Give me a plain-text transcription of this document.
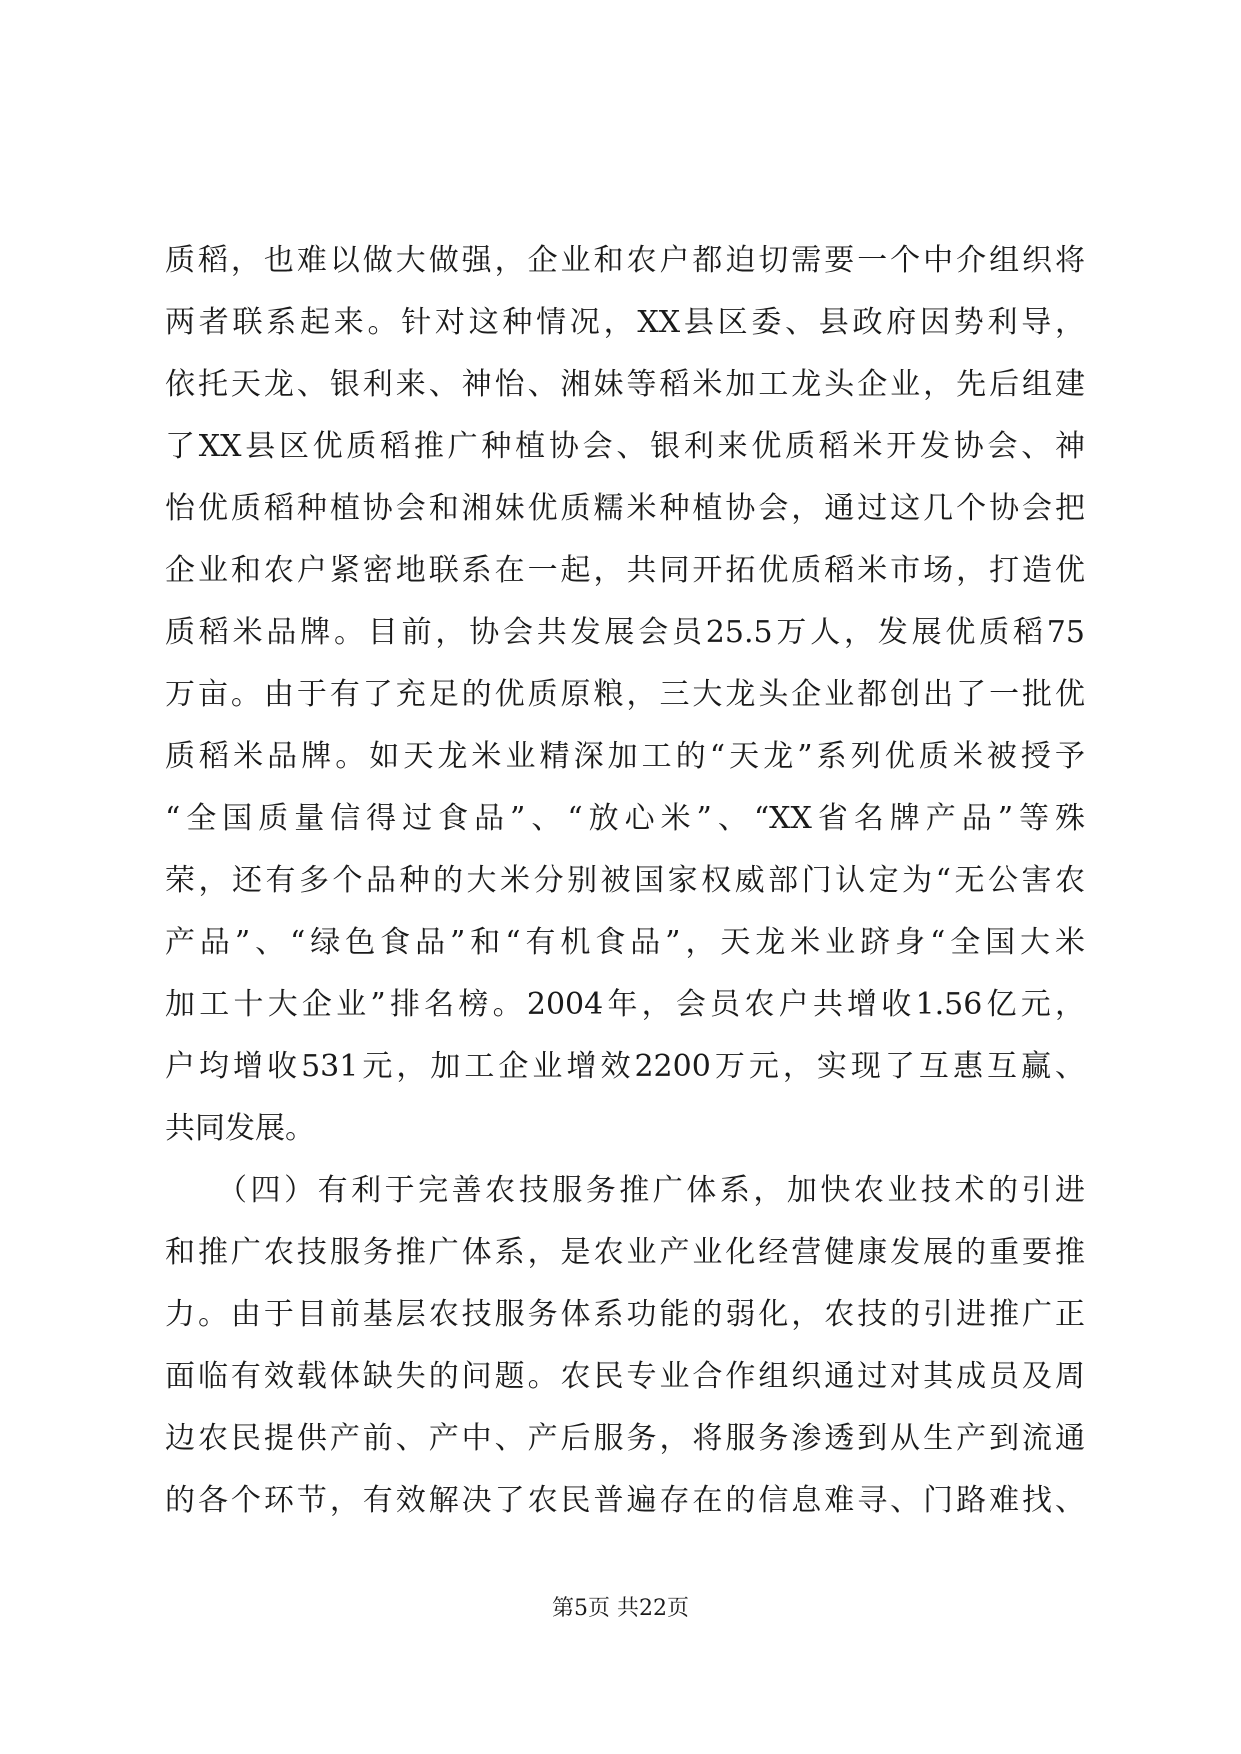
质稻，也难以做大做强，企业和农户都迫切需要一个中介组织将
两者联系起来。针对这种情况，XX县区委、县政府因势利导，
依托天龙、银利来、神怡、湘妹等稻米加工龙头企业，先后组建
了XX县区优质稻推广种植协会、银利来优质稻米开发协会、神
怡优质稻种植协会和湘妹优质糯米种植协会，通过这几个协会把
企业和农户紧密地联系在一起，共同开拓优质稻米市场，打造优
质稻米品牌。目前，协会共发展会员25.5万人，发展优质稻75
万亩。由于有了充足的优质原粮，三大龙头企业都创出了一批优
质稻米品牌。如天龙米业精深加工的“天龙”系列优质米被授予
“全国质量信得过食品”、“放心米”、“XX省名牌产品”等殊
荣，还有多个品种的大米分别被国家权威部门认定为“无公害农
产品”、“绿色食品”和“有机食品”，天龙米业跻身“全国大米
加工十大企业”排名榜。2004年，会员农户共增收1.56亿元，
户均增收531元，加工企业增效2200万元，实现了互惠互赢、
共同发展。
　　（四）有利于完善农技服务推广体系，加快农业技术的引进
和推广农技服务推广体系，是农业产业化经营健康发展的重要推
力。由于目前基层农技服务体系功能的弱化，农技的引进推广正
面临有效载体缺失的问题。农民专业合作组织通过对其成员及周
边农民提供产前、产中、产后服务，将服务渗透到从生产到流通
的各个环节，有效解决了农民普遍存在的信息难寻、门路难找、
第5页 共22页
